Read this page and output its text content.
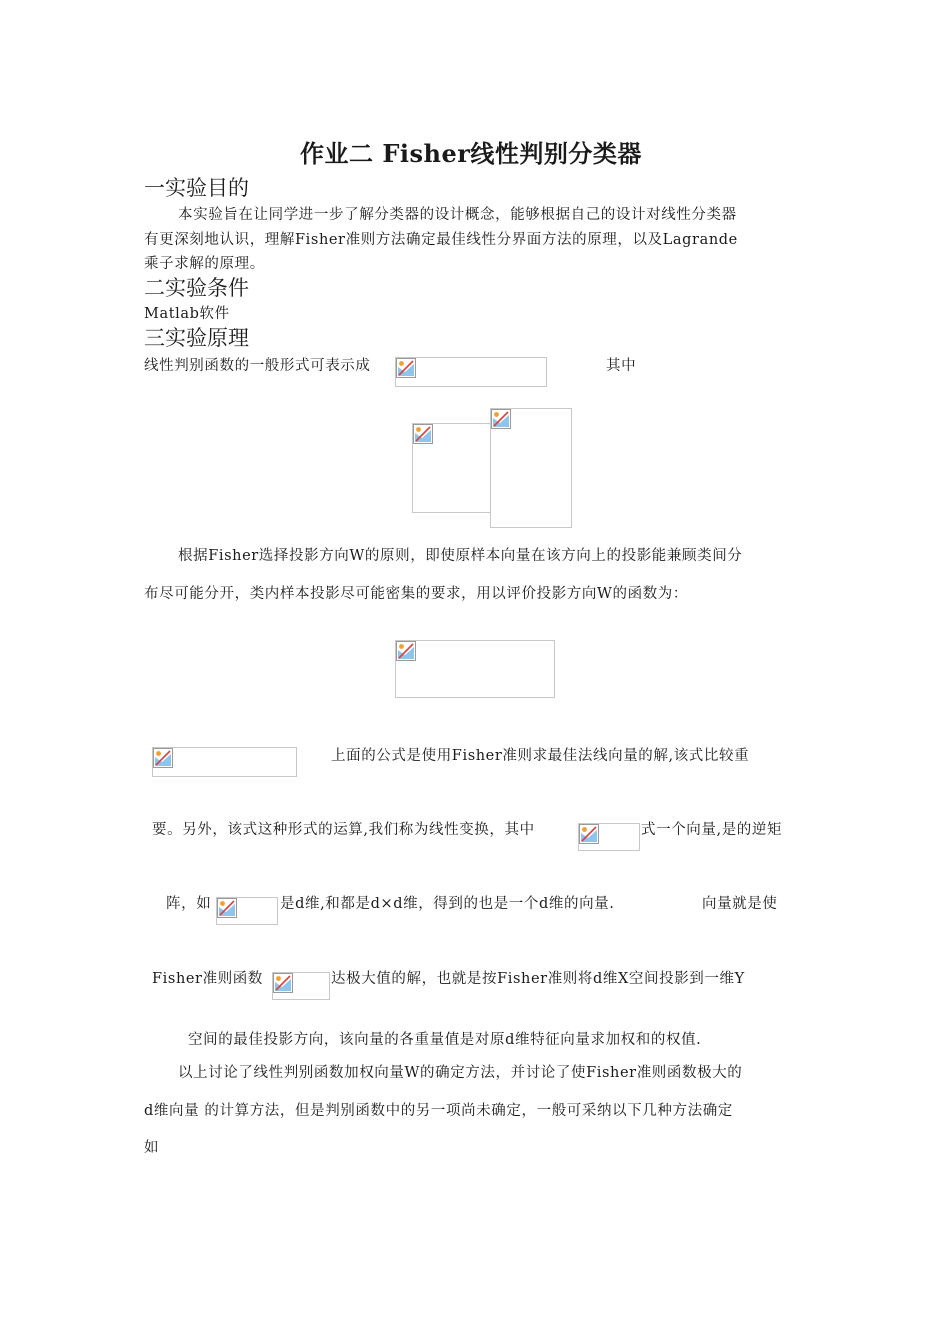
作业二 Fisher线性判别分类器
一实验目的
本实验旨在让同学进一步了解分类器的设计概念，能够根据自己的设计对线性分类器
有更深刻地认识，理解Fisher准则方法确定最佳线性分界面方法的原理，以及Lagrande
乘子求解的原理。
二实验条件
Matlab软件
三实验原理
线性判别函数的一般形式可表示成	其中
根据Fisher选择投影方向W的原则，即使原样本向量在该方向上的投影能兼顾类间分
布尽可能分开，类内样本投影尽可能密集的要求，用以评价投影方向W的函数为：
上面的公式是使用Fisher准则求最佳法线向量的解,该式比较重
要。另外，该式这种形式的运算,我们称为线性变换，其中	式一个向量,是的逆矩
阵，如	是d维,和都是d×d维，得到的也是一个d维的向量.	向量就是使
Fisher准则函数	达极大值的解，也就是按Fisher准则将d维X空间投影到一维Y
空间的最佳投影方向，该向量的各重量值是对原d维特征向量求加权和的权值.
以上讨论了线性判别函数加权向量W的确定方法，并讨论了使Fisher准则函数极大的
d维向量 的计算方法，但是判别函数中的另一项尚未确定，一般可采纳以下几种方法确定
如
